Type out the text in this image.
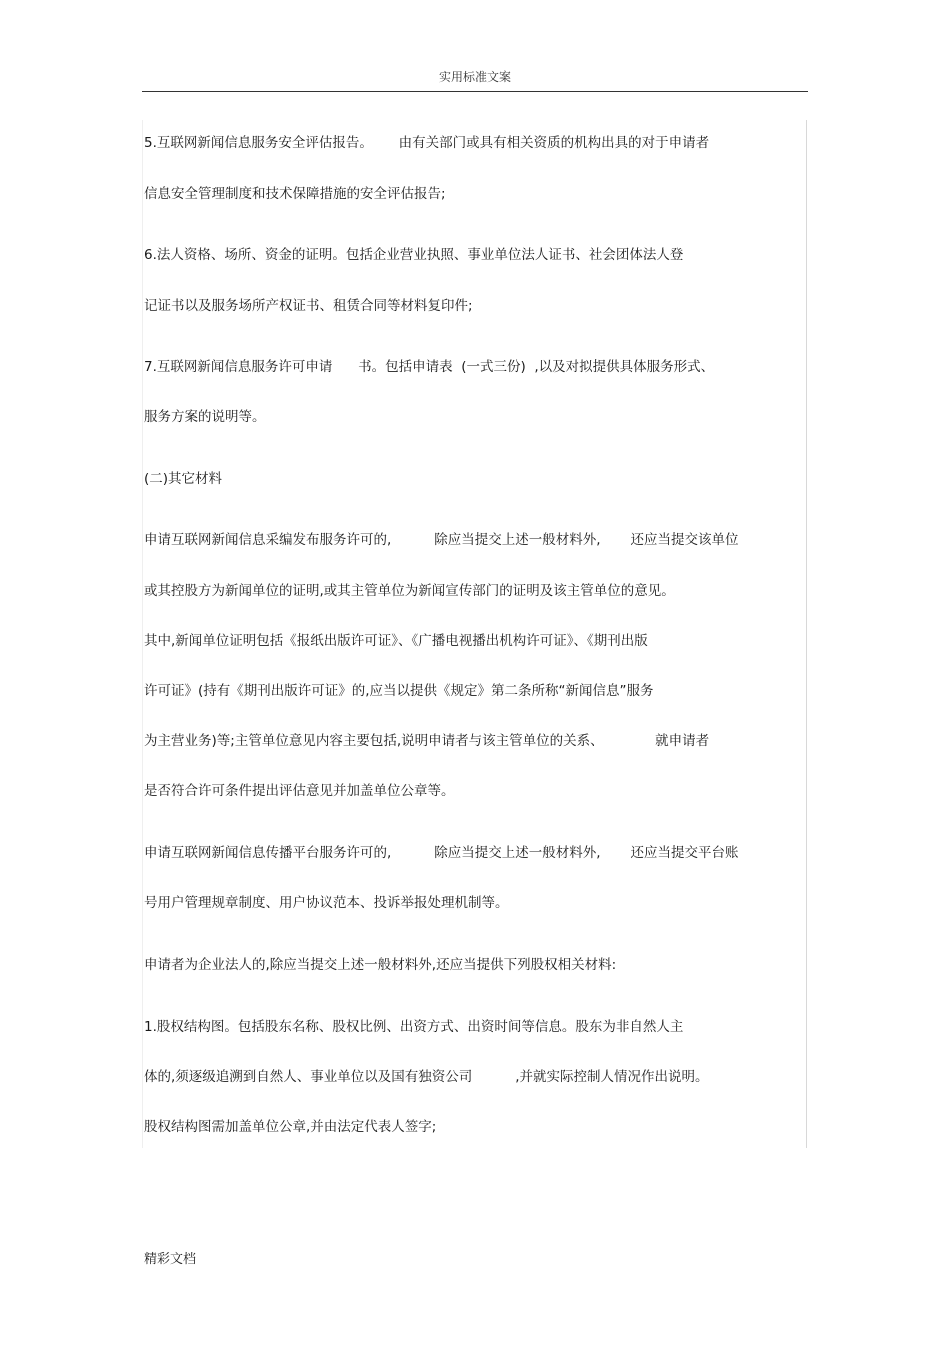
实用标准文案
5.互联网新闻信息服务安全评估报告。      由有关部门或具有相关资质的机构出具的对于申请者
信息安全管理制度和技术保障措施的安全评估报告;
6.法人资格、场所、资金的证明。包括企业营业执照、事业单位法人证书、社会团体法人登
记证书以及服务场所产权证书、租赁合同等材料复印件;
7.互联网新闻信息服务许可申请      书。包括申请表  (一式三份)  ,以及对拟提供具体服务形式、
服务方案的说明等。
(二)其它材料
申请互联网新闻信息采编发布服务许可的,          除应当提交上述一般材料外,       还应当提交该单位
或其控股方为新闻单位的证明,或其主管单位为新闻宣传部门的证明及该主管单位的意见。
其中,新闻单位证明包括《报纸出版许可证》、《广播电视播出机构许可证》、《期刊出版
许可证》(持有《期刊出版许可证》的,应当以提供《规定》第二条所称“新闻信息”服务
为主营业务)等;主管单位意见内容主要包括,说明申请者与该主管单位的关系、            就申请者
是否符合许可条件提出评估意见并加盖单位公章等。
申请互联网新闻信息传播平台服务许可的,          除应当提交上述一般材料外,       还应当提交平台账
号用户管理规章制度、用户协议范本、投诉举报处理机制等。
申请者为企业法人的,除应当提交上述一般材料外,还应当提供下列股权相关材料:
1.股权结构图。包括股东名称、股权比例、出资方式、出资时间等信息。股东为非自然人主
体的,须逐级追溯到自然人、事业单位以及国有独资公司          ,并就实际控制人情况作出说明。
股权结构图需加盖单位公章,并由法定代表人签字;
精彩文档
